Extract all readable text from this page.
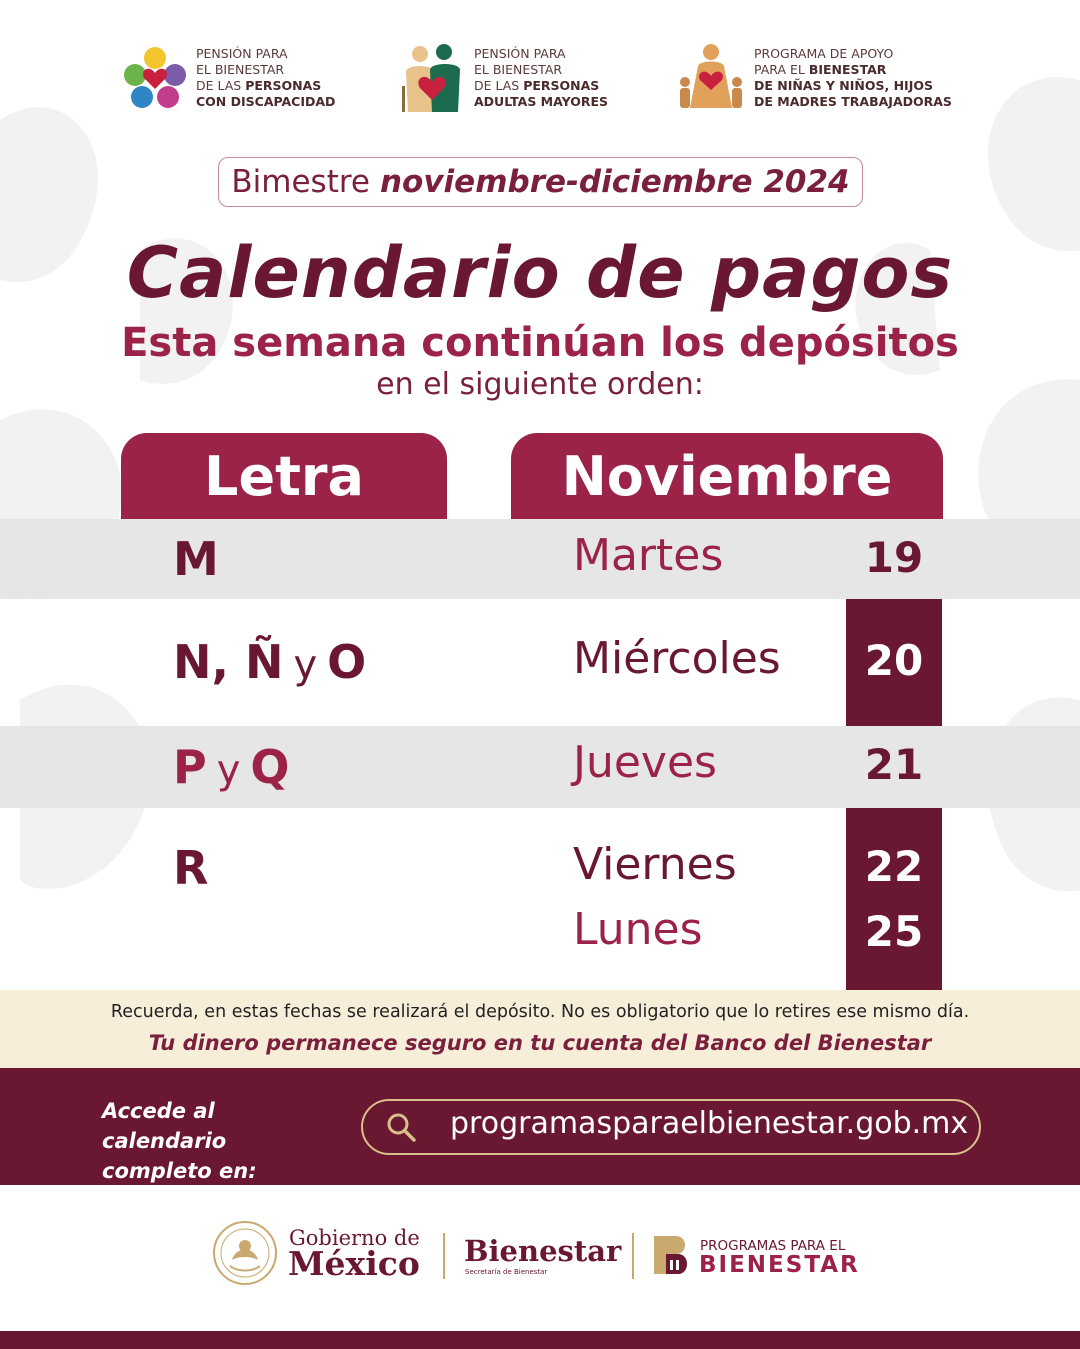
PENSIÓN PARA
EL BIENESTAR
DE LAS PERSONAS
CON DISCAPACIDAD
PENSIÓN PARA
EL BIENESTAR
DE LAS PERSONAS
ADULTAS MAYORES
PROGRAMA DE APOYO
PARA EL BIENESTAR
DE NIÑAS Y NIÑOS, HIJOS
DE MADRES TRABAJADORAS
Bimestre noviembre-diciembre 2024
Calendario de pagos
Esta semana continúan los depósitos
en el siguiente orden:
Letra	Noviembre
M	Martes	19
N, Ñ y O	Miércoles	20
P y Q	Jueves	21
R	Viernes	22
Lunes	25
Recuerda, en estas fechas se realizará el depósito. No es obligatorio que lo retires ese mismo día.
Tu dinero permanece seguro en tu cuenta del Banco del Bienestar
Accede al calendario
completo en:
programasparaelbienestar.gob.mx
Gobierno de
México Bienestar
Secretaría de Bienestar
PROGRAMAS PARA EL
BIENESTAR
